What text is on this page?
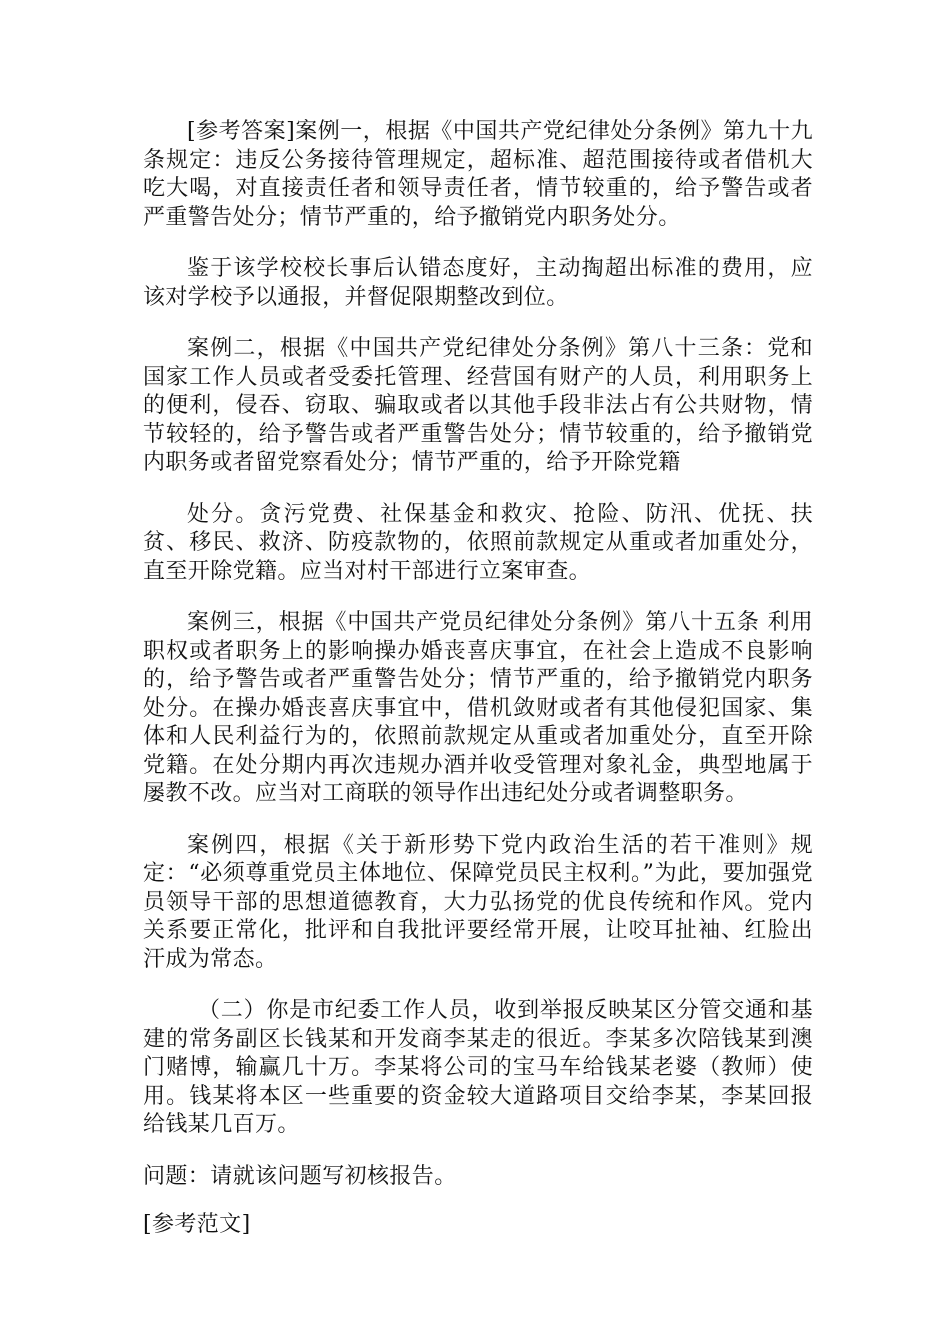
[参考答案]案例一，根据《中国共产党纪律处分条例》第九十九条规定：违反公务接待管理规定，超标准、超范围接待或者借机大吃大喝，对直接责任者和领导责任者，情节较重的，给予警告或者严重警告处分；情节严重的，给予撤销党内职务处分。

鉴于该学校校长事后认错态度好，主动掏超出标准的费用，应该对学校予以通报，并督促限期整改到位。

案例二，根据《中国共产党纪律处分条例》第八十三条：党和国家工作人员或者受委托管理、经营国有财产的人员，利用职务上的便利，侵吞、窃取、骗取或者以其他手段非法占有公共财物，情节较轻的，给予警告或者严重警告处分；情节较重的，给予撤销党内职务或者留党察看处分；情节严重的，给予开除党籍

处分。贪污党费、社保基金和救灾、抢险、防汛、优抚、扶贫、移民、救济、防疫款物的，依照前款规定从重或者加重处分，直至开除党籍。应当对村干部进行立案审查。

案例三，根据《中国共产党员纪律处分条例》第八十五条 利用职权或者职务上的影响操办婚丧喜庆事宜，在社会上造成不良影响的，给予警告或者严重警告处分；情节严重的，给予撤销党内职务处分。在操办婚丧喜庆事宜中，借机敛财或者有其他侵犯国家、集体和人民利益行为的，依照前款规定从重或者加重处分，直至开除党籍。在处分期内再次违规办酒并收受管理对象礼金，典型地属于屡教不改。应当对工商联的领导作出违纪处分或者调整职务。

案例四，根据《关于新形势下党内政治生活的若干准则》规定：“必须尊重党员主体地位、保障党员民主权利。”为此，要加强党员领导干部的思想道德教育，大力弘扬党的优良传统和作风。党内关系要正常化，批评和自我批评要经常开展，让咬耳扯袖、红脸出汗成为常态。

（二）你是市纪委工作人员，收到举报反映某区分管交通和基建的常务副区长钱某和开发商李某走的很近。李某多次陪钱某到澳门赌博，输赢几十万。李某将公司的宝马车给钱某老婆（教师）使用。钱某将本区一些重要的资金较大道路项目交给李某，李某回报给钱某几百万。

问题：请就该问题写初核报告。

[参考范文]
